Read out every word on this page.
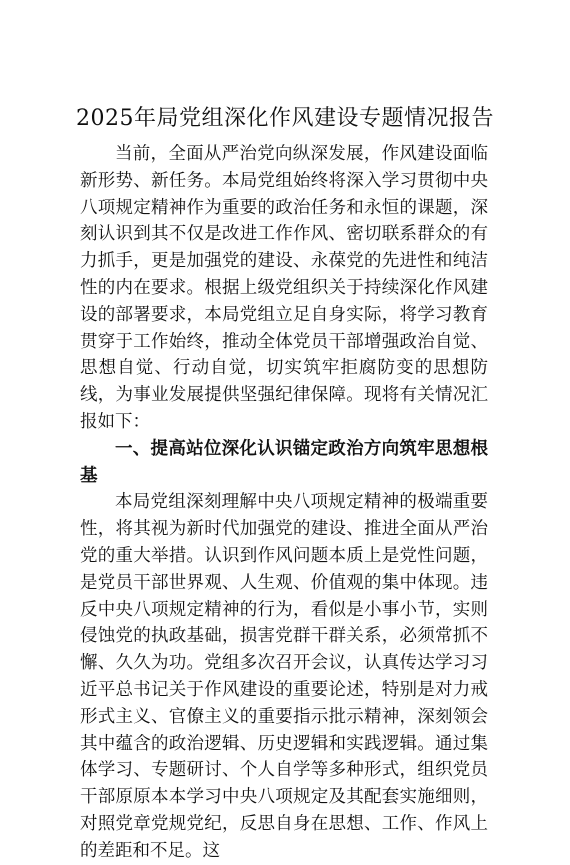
2025年局党组深化作风建设专题情况报告

当前，全面从严治党向纵深发展，作风建设面临新形势、新任务。本局党组始终将深入学习贯彻中央八项规定精神作为重要的政治任务和永恒的课题，深刻认识到其不仅是改进工作作风、密切联系群众的有力抓手，更是加强党的建设、永葆党的先进性和纯洁性的内在要求。根据上级党组织关于持续深化作风建设的部署要求，本局党组立足自身实际，将学习教育贯穿于工作始终，推动全体党员干部增强政治自觉、思想自觉、行动自觉，切实筑牢拒腐防变的思想防线，为事业发展提供坚强纪律保障。现将有关情况汇报如下：

一、提高站位深化认识锚定政治方向筑牢思想根基

本局党组深刻理解中央八项规定精神的极端重要性，将其视为新时代加强党的建设、推进全面从严治党的重大举措。认识到作风问题本质上是党性问题，是党员干部世界观、人生观、价值观的集中体现。违反中央八项规定精神的行为，看似是小事小节，实则侵蚀党的执政基础，损害党群干群关系，必须常抓不懈、久久为功。党组多次召开会议，认真传达学习习近平总书记关于作风建设的重要论述，特别是对力戒形式主义、官僚主义的重要指示批示精神，深刻领会其中蕴含的政治逻辑、历史逻辑和实践逻辑。通过集体学习、专题研讨、个人自学等多种形式，组织党员干部原原本本学习中央八项规定及其配套实施细则，对照党章党规党纪，反思自身在思想、工作、作风上的差距和不足。这
